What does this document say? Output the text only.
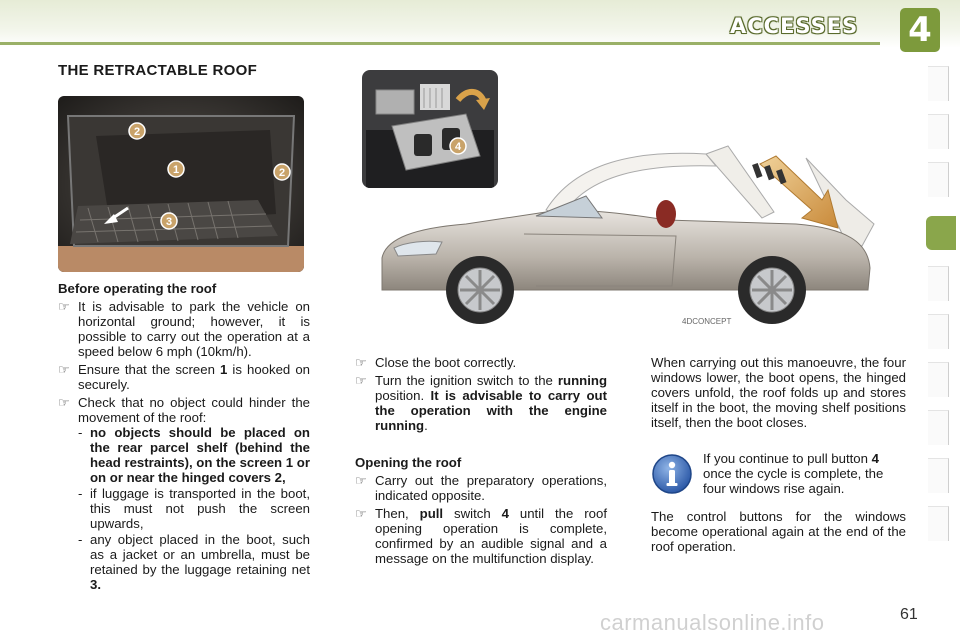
ACCESSES	4
THE RETRACTABLE ROOF
2
1	2
3
4
4DCONCEPT

Before operating the roof

☞ It is advisable to park the vehicle on horizontal ground; however, it is possible to carry out the operation at a speed below 6 mph (10km/h).
☞ Ensure that the screen 1 is hooked on securely.
☞ Check that no object could hinder the movement of the roof:
- no objects should be placed on the rear parcel shelf (behind the head restraints), on the screen 1 or on or near the hinged covers 2,
- if luggage is transported in the boot, this must not push the screen upwards,
- any object placed in the boot, such as a jacket or an umbrella, must be retained by the luggage retaining net 3.
☞ Close the boot correctly.
☞ Turn the ignition switch to the running position. It is advisable to carry out the operation with the engine running.

Opening the roof

☞ Carry out the preparatory operations, indicated opposite.
☞ Then, pull switch 4 until the roof opening operation is complete, confirmed by an audible signal and a message on the multifunction display.

When carrying out this manoeuvre, the four windows lower, the boot opens, the hinged covers unfold, the roof folds up and stores itself in the boot, the moving shelf positions itself, then the boot closes.

If you continue to pull button 4 once the cycle is complete, the four windows rise again.
The control buttons for the windows become operational again at the end of the roof operation.
61
carmanualsonline.info
